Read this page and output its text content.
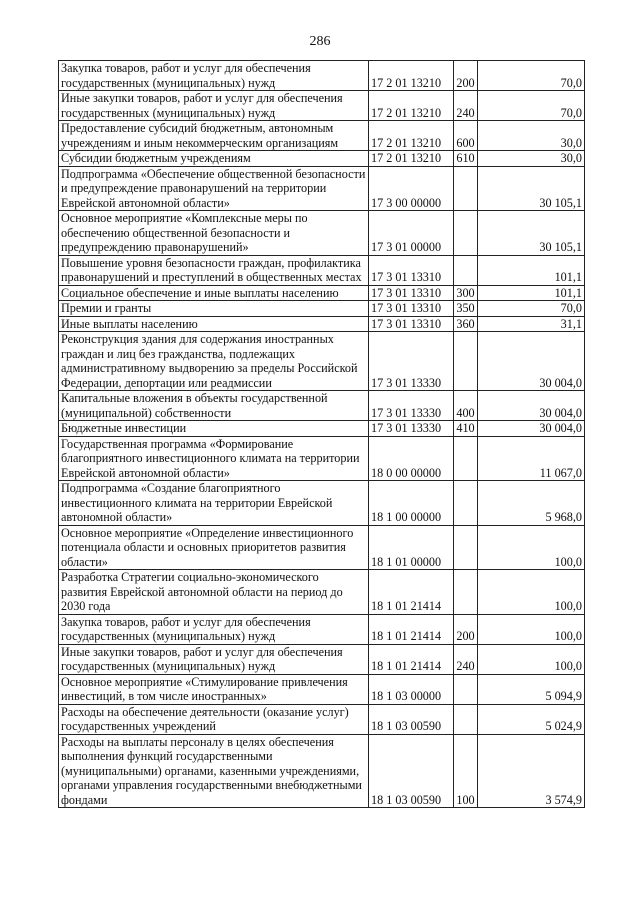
286
Закупка товаров, работ и услуг для обеспечения государственных (муниципальных) нужд	17 2 01 13210	200	70,0
Иные закупки товаров, работ и услуг для обеспечения государственных (муниципальных) нужд	17 2 01 13210	240	70,0
Предоставление субсидий бюджетным, автономным учреждениям и иным некоммерческим организациям	17 2 01 13210	600	30,0
Субсидии бюджетным учреждениям	17 2 01 13210	610	30,0
Подпрограмма «Обеспечение общественной безопасности и предупреждение правонарушений на территории Еврейской автономной области»	17 3 00 00000		30 105,1
Основное мероприятие «Комплексные меры по обеспечению общественной безопасности и предупреждению правонарушений»	17 3 01 00000		30 105,1
Повышение уровня безопасности граждан, профилактика правонарушений и преступлений в общественных местах	17 3 01 13310		101,1
Социальное обеспечение и иные выплаты населению	17 3 01 13310	300	101,1
Премии и гранты	17 3 01 13310	350	70,0
Иные выплаты населению	17 3 01 13310	360	31,1
Реконструкция здания для содержания иностранных граждан и лиц без гражданства, подлежащих административному выдворению за пределы Российской Федерации, депортации или реадмиссии	17 3 01 13330		30 004,0
Капитальные вложения в объекты государственной (муниципальной) собственности	17 3 01 13330	400	30 004,0
Бюджетные инвестиции	17 3 01 13330	410	30 004,0
Государственная программа «Формирование благоприятного инвестиционного климата на территории Еврейской автономной области»	18 0 00 00000		11 067,0
Подпрограмма «Создание благоприятного инвестиционного климата на территории Еврейской автономной области»	18 1 00 00000		5 968,0
Основное мероприятие «Определение инвестиционного потенциала области и основных приоритетов развития области»	18 1 01 00000		100,0
Разработка Стратегии социально-экономического развития Еврейской автономной области на период до 2030 года	18 1 01 21414		100,0
Закупка товаров, работ и услуг для обеспечения государственных (муниципальных) нужд	18 1 01 21414	200	100,0
Иные закупки товаров, работ и услуг для обеспечения государственных (муниципальных) нужд	18 1 01 21414	240	100,0
Основное мероприятие «Стимулирование привлечения инвестиций, в том числе иностранных»	18 1 03 00000		5 094,9
Расходы на обеспечение деятельности (оказание услуг) государственных учреждений	18 1 03 00590		5 024,9
Расходы на выплаты персоналу в целях обеспечения выполнения функций государственными (муниципальными) органами, казенными учреждениями, органами управления государственными внебюджетными фондами	18 1 03 00590	100	3 574,9
